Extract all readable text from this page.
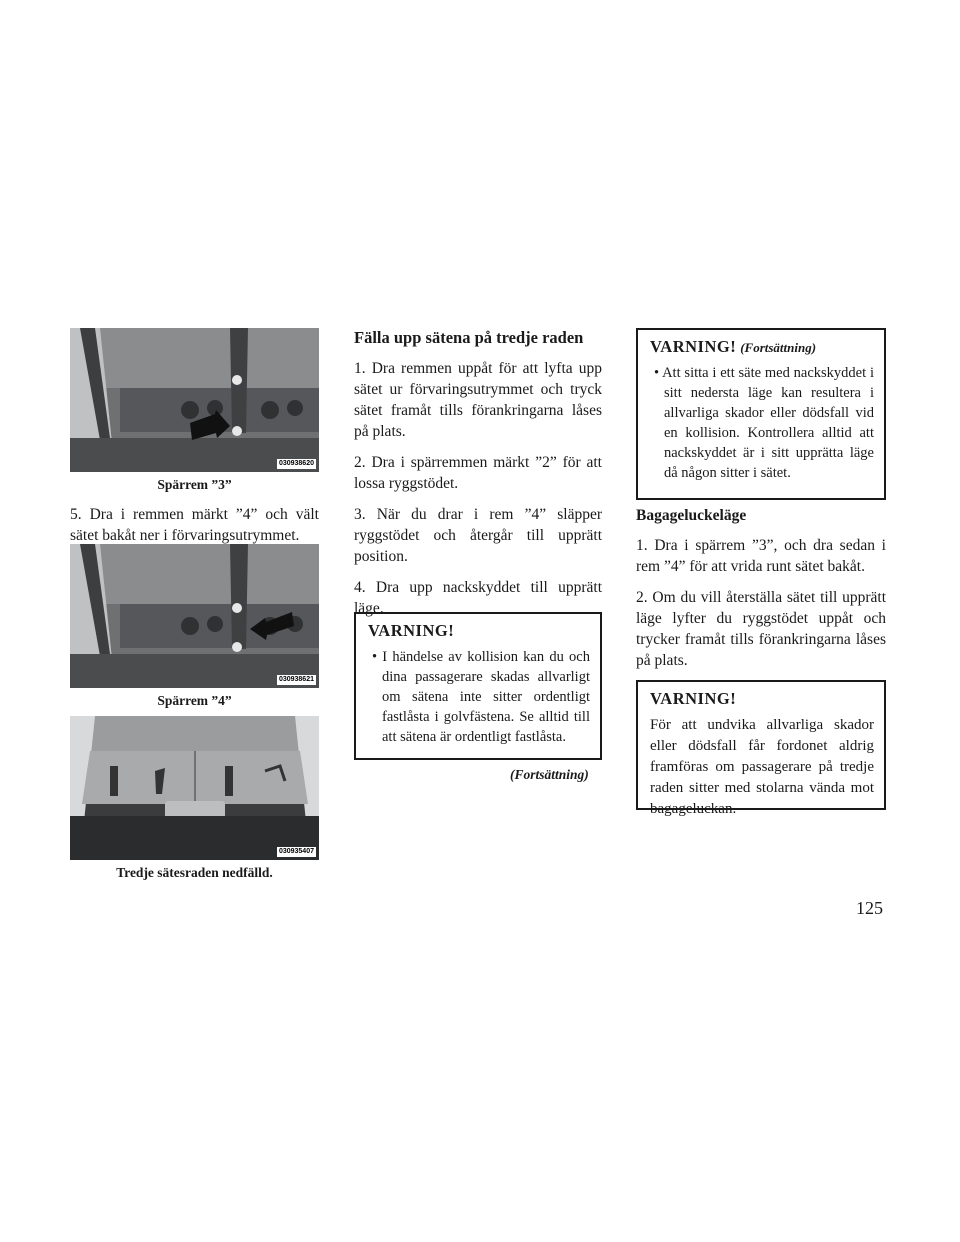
030938620
Spärrem ”3”

5. Dra i remmen märkt ”4” och vält sätet bakåt ner i förvaringsutrymmet.

030938621
Spärrem ”4”
030935407
Tredje sätesraden nedfälld.
Fälla upp sätena på tredje raden

1. Dra remmen uppåt för att lyfta upp sätet ur förvaringsutrymmet och tryck sätet framåt tills förankringarna låses på plats.

2. Dra i spärremmen märkt ”2” för att lossa ryggstödet.

3. När du drar i rem ”4” släpper ryggstödet och återgår till upprätt position.

4. Dra upp nackskyddet till upprätt läge.

VARNING!
• I händelse av kollision kan du och dina passagerare skadas allvarligt om sätena inte sitter ordentligt fastlåsta i golvfästena. Se alltid till att sätena är ordentligt fastlåsta.
(Fortsättning)
VARNING! (Fortsättning)
• Att sitta i ett säte med nackskyddet i sitt nedersta läge kan resultera i allvarliga skador eller dödsfall vid en kollision. Kontrollera alltid att nackskyddet är i sitt upprätta läge då någon sitter i sätet.
Bagageluckeläge

1. Dra i spärrem ”3”, och dra sedan i rem ”4” för att vrida runt sätet bakåt.

2. Om du vill återställa sätet till upprätt läge lyfter du ryggstödet uppåt och trycker framåt tills förankringarna låses på plats.

VARNING!
För att undvika allvarliga skador eller dödsfall får fordonet aldrig framföras om passagerare på tredje raden sitter med stolarna vända mot bagageluckan.
125
